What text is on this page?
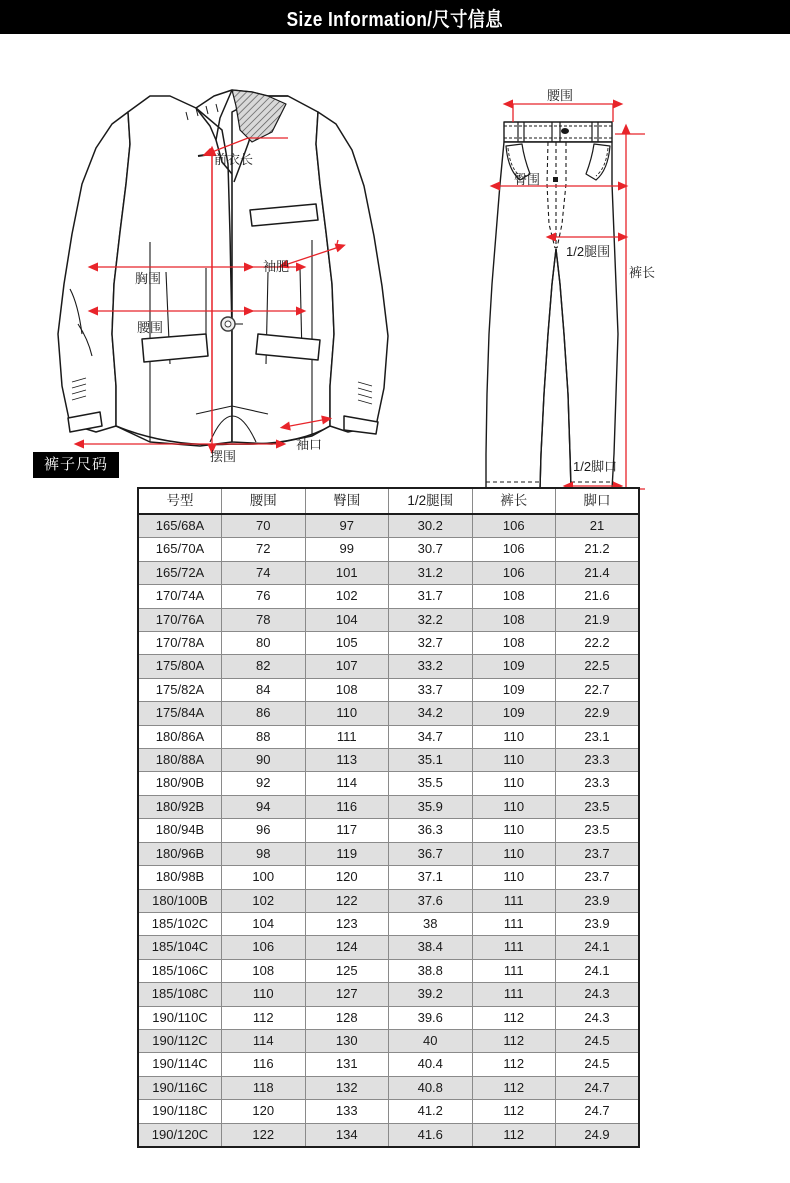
Size Information/尺寸信息
前衣长
胸围
腰围
袖肥
摆围
袖口
腰围
臀围
1/2腿围
裤长
1/2脚口
裤子尺码
号型	腰围	臀围	1/2腿围	裤长	脚口
165/68A	70	97	30.2	106	21
165/70A	72	99	30.7	106	21.2
165/72A	74	101	31.2	106	21.4
170/74A	76	102	31.7	108	21.6
170/76A	78	104	32.2	108	21.9
170/78A	80	105	32.7	108	22.2
175/80A	82	107	33.2	109	22.5
175/82A	84	108	33.7	109	22.7
175/84A	86	110	34.2	109	22.9
180/86A	88	111	34.7	110	23.1
180/88A	90	113	35.1	110	23.3
180/90B	92	114	35.5	110	23.3
180/92B	94	116	35.9	110	23.5
180/94B	96	117	36.3	110	23.5
180/96B	98	119	36.7	110	23.7
180/98B	100	120	37.1	110	23.7
180/100B	102	122	37.6	111	23.9
185/102C	104	123	38	111	23.9
185/104C	106	124	38.4	111	24.1
185/106C	108	125	38.8	111	24.1
185/108C	110	127	39.2	111	24.3
190/110C	112	128	39.6	112	24.3
190/112C	114	130	40	112	24.5
190/114C	116	131	40.4	112	24.5
190/116C	118	132	40.8	112	24.7
190/118C	120	133	41.2	112	24.7
190/120C	122	134	41.6	112	24.9
